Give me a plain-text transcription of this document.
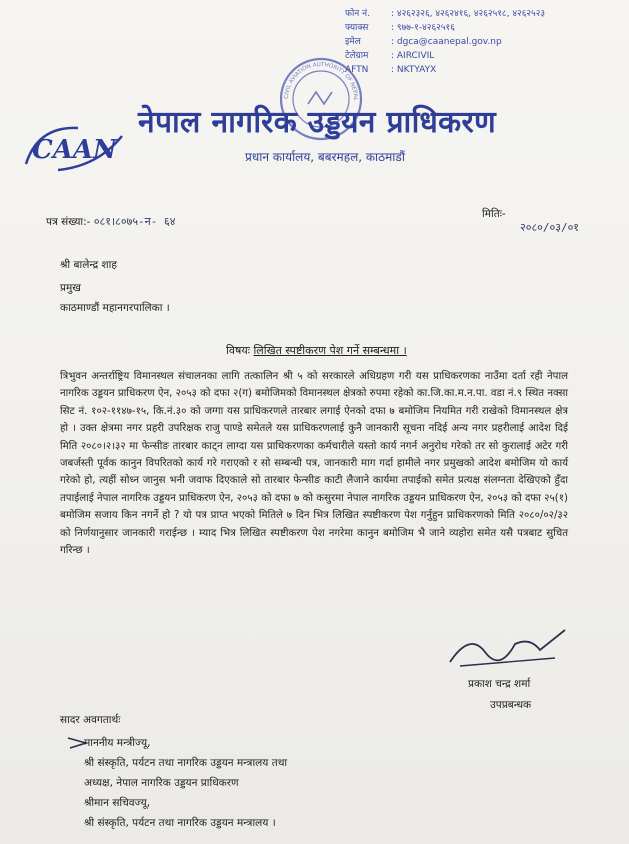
फोन नं. : ४२६२३२६, ४२६२४१६, ४२६२५१८, ४२६२५२३
फ्याक्स	: ९७७-१-४२६२५१६
इमेल	: dgca@caanepal.gov.np
टेलेग्राम	: AIRCIVIL
AFTN	: NKTYAYX
CIVIL AVIATION AUTHORITY OF NEPAL
CAAN
नेपाल नागरिक उड्डयन प्राधिकरण
प्रधान कार्यालय, बबरमहल, काठमाडौं
पत्र संख्या:- ०८१।८०७५-न- ६४
मितिः-
२०८०/०३/०१
श्री बालेन्द्र शाह
प्रमुख
काठमाण्डौं महानगरपालिका ।
विषयः लिखित स्पष्टीकरण पेश गर्ने सम्बन्धमा ।
त्रिभुवन अन्तर्राष्ट्रिय विमानस्थल संचालनका लागि तत्कालिन श्री ५ को सरकारले अधिग्रहण गरी यस प्राधिकरणका नाउँमा दर्ता रही नेपाल नागरिक उड्डयन प्राधिकरण ऐन, २०५३ को दफा २(ग) बमोजिमको विमानस्थल क्षेत्रको रुपमा रहेको का.जि.का.म.न.पा. वडा नं.९ स्थित नक्सा सिट नं. १०२-११४७-१५, कि.नं.३० को जग्गा यस प्राधिकरणले तारबार लगाई ऐनको दफा ७ बमोजिम नियमित गरी राखेको विमानस्थल क्षेत्र हो । उक्त क्षेत्रमा नगर प्रहरी उपरिक्षक राजु पाण्डे समेतले यस प्राधिकरणलाई कुनै जानकारी सूचना नदिई अन्य नगर प्रहरीलाई आदेश दिई मिति २०८०।२।३२ मा फेन्सीङ तारबार काट्न लाग्दा यस प्राधिकरणका कर्मचारीले यस्तो कार्य नगर्न अनुरोध गरेको तर सो कुरालाई अटेर गरी जबर्जस्ती पूर्वक कानुन विपरितको कार्य गरे गराएको र सो सम्बन्धी पत्र, जानकारी माग गर्दा हामीले नगर प्रमुखको आदेश बमोजिम यो कार्य गरेको हो, त्यहीं सोध्न जानुस भनी जवाफ दिएकाले सो तारबार फेन्सीङ काटी लैजाने कार्यमा तपाईको समेत प्रत्यक्ष संलग्नता देखिएको हुँदा तपाईलाई नेपाल नागरिक उड्डयन प्राधिकरण ऐन, २०५३ को दफा ७ को कसुरमा नेपाल नागरिक उड्डयन प्राधिकरण ऐन, २०५३ को दफा २५(१) बमोजिम सजाय किन नगर्ने हो ? यो पत्र प्राप्त भएको मितिले ७ दिन भित्र लिखित स्पष्टीकरण पेश गर्नुहुन प्राधिकरणको मिति २०८०/०२/३२ को निर्णयानुसार जानकारी गराईन्छ । म्याद भित्र लिखित स्पष्टीकरण पेश नगरेमा कानुन बमोजिम भै जाने व्यहोरा समेत यसै पत्रबाट सुचित गरिन्छ ।
प्रकाश चन्द्र शर्मा
उपप्रबन्धक
सादर अवगतार्थः
माननीय मन्त्रीज्यू,
श्री संस्कृति, पर्यटन तथा नागरिक उड्डयन मन्त्रालय तथा
अध्यक्ष, नेपाल नागरिक उड्डयन प्राधिकरण
श्रीमान सचिवज्यू,
श्री संस्कृति, पर्यटन तथा नागरिक उड्डयन मन्त्रालय ।
